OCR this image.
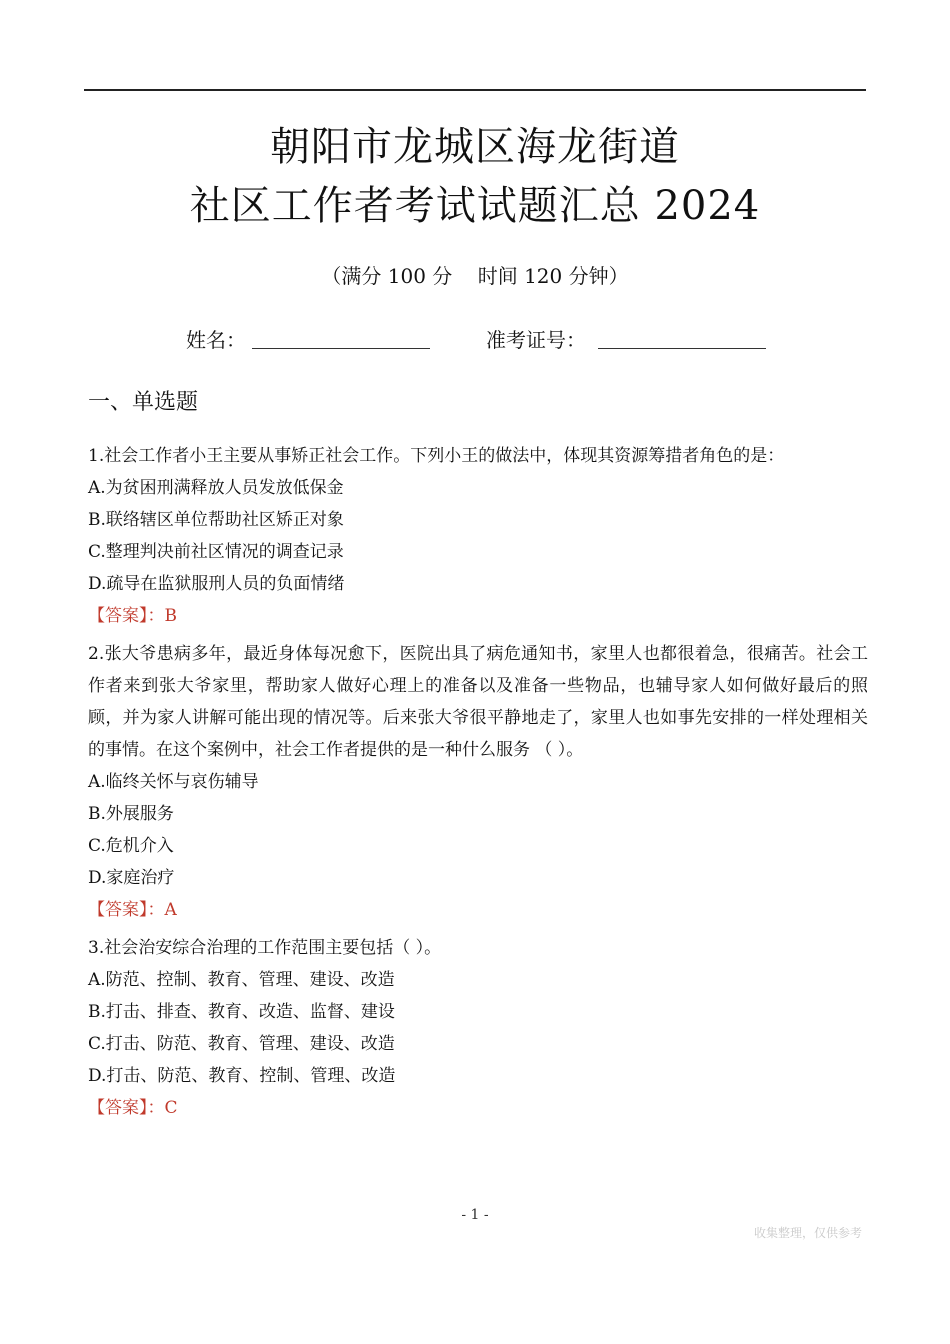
朝阳市龙城区海龙街道
社区工作者考试试题汇总 2024
（满分 100 分    时间 120 分钟）
姓名：	准考证号：
一、单选题

1.社会工作者小王主要从事矫正社会工作。下列小王的做法中，体现其资源筹措者角色的是：

A.为贫困刑满释放人员发放低保金

B.联络辖区单位帮助社区矫正对象

C.整理判决前社区情况的调查记录

D.疏导在监狱服刑人员的负面情绪

【答案】：B

2.张大爷患病多年，最近身体每况愈下，医院出具了病危通知书，家里人也都很着急，很痛苦。社会工作者来到张大爷家里，帮助家人做好心理上的准备以及准备一些物品，也辅导家人如何做好最后的照顾，并为家人讲解可能出现的情况等。后来张大爷很平静地走了，家里人也如事先安排的一样处理相关的事情。在这个案例中，社会工作者提供的是一种什么服务 （ ）。

A.临终关怀与哀伤辅导

B.外展服务

C.危机介入

D.家庭治疗

【答案】：A

3.社会治安综合治理的工作范围主要包括（ ）。

A.防范、控制、教育、管理、建设、改造

B.打击、排查、教育、改造、监督、建设

C.打击、防范、教育、管理、建设、改造

D.打击、防范、教育、控制、管理、改造

【答案】：C

- 1 -
收集整理，仅供参考
